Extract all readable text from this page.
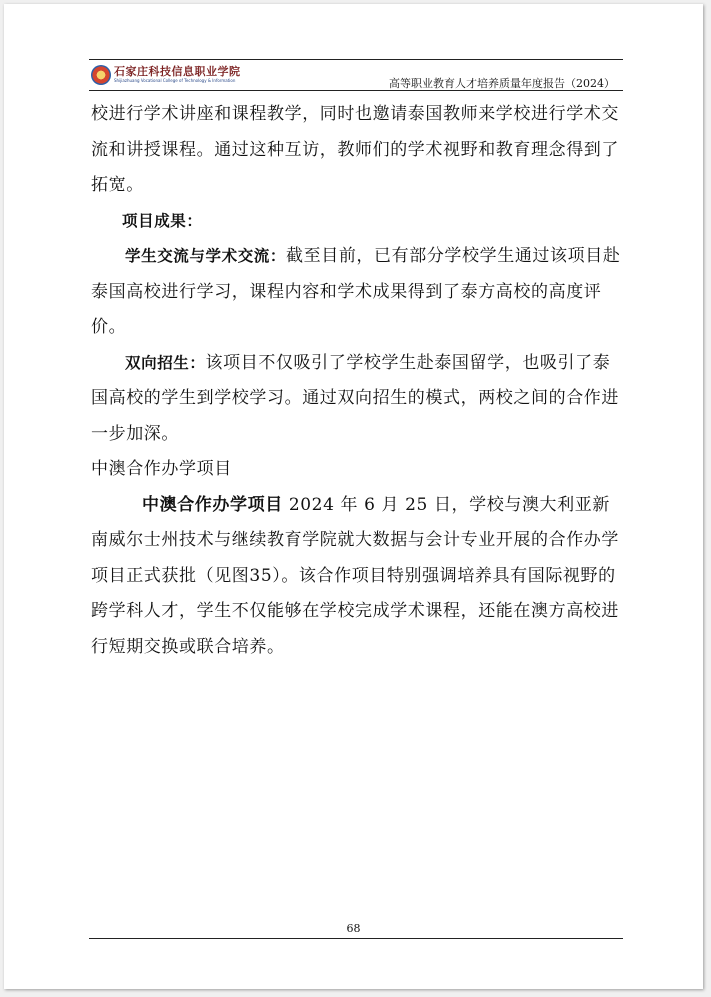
石家庄科技信息职业学院
Shijiazhuang Vocational College of Technology & Information	高等职业教育人才培养质量年度报告（2024）

校进行学术讲座和课程教学，同时也邀请泰国教师来学校进行学术交流和讲授课程。通过这种互访，教师们的学术视野和教育理念得到了拓宽。

项目成果：

学生交流与学术交流：截至目前，已有部分学校学生通过该项目赴泰国高校进行学习，课程内容和学术成果得到了泰方高校的高度评价。

双向招生：该项目不仅吸引了学校学生赴泰国留学，也吸引了泰国高校的学生到学校学习。通过双向招生的模式，两校之间的合作进一步加深。

中澳合作办学项目

中澳合作办学项目 2024 年 6 月 25 日，学校与澳大利亚新南威尔士州技术与继续教育学院就大数据与会计专业开展的合作办学项目正式获批（见图35）。该合作项目特别强调培养具有国际视野的跨学科人才，学生不仅能够在学校完成学术课程，还能在澳方高校进行短期交换或联合培养。

68
